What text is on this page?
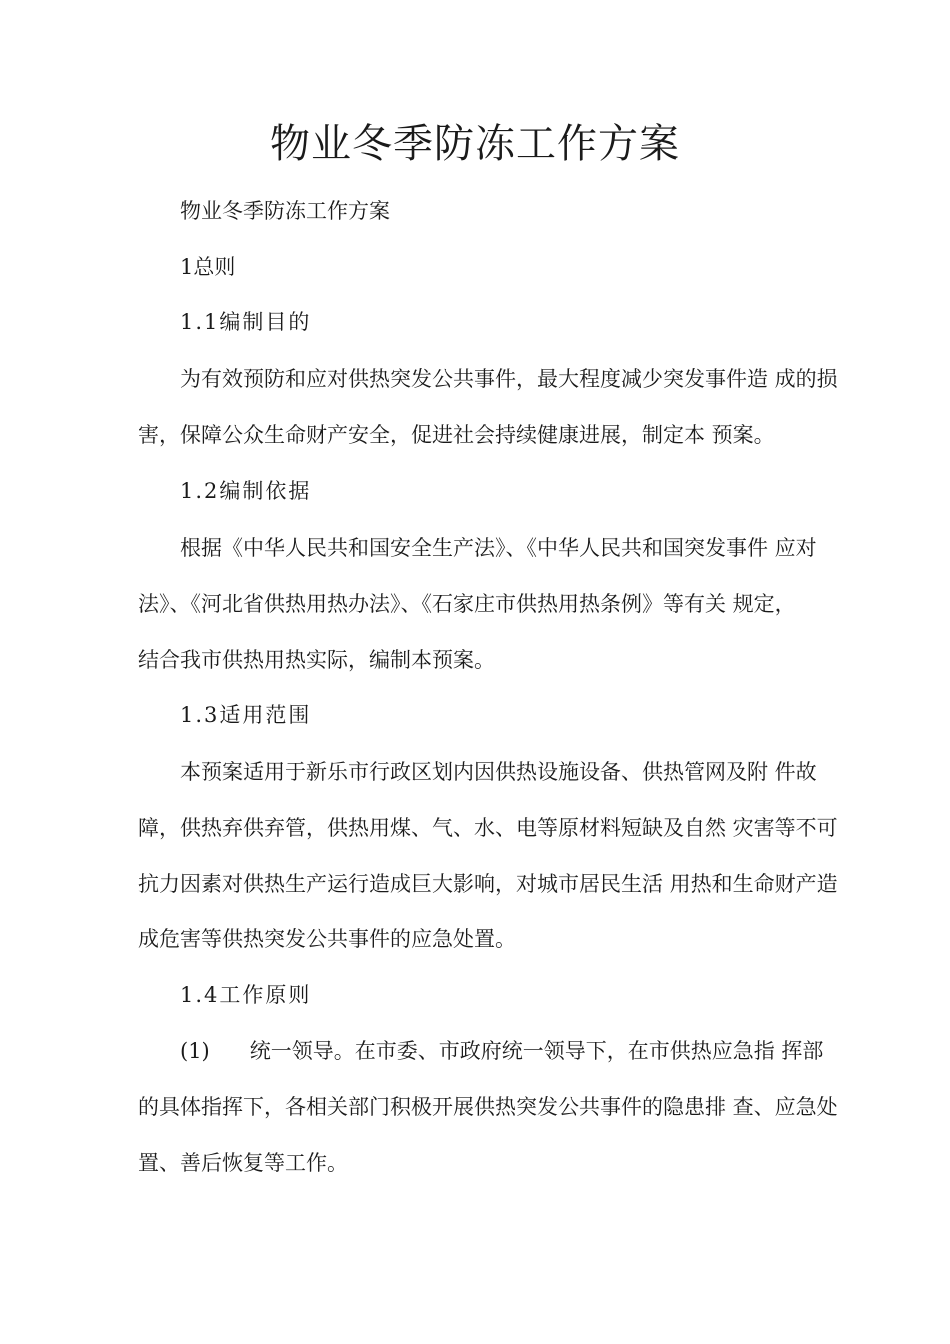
物业冬季防冻工作方案

物业冬季防冻工作方案

1总则

1.1编制目的

为有效预防和应对供热突发公共事件，最大程度减少突发事件造 成的损

害，保障公众生命财产安全，促进社会持续健康进展，制定本 预案。

1.2编制依据

根据《中华人民共和国安全生产法》、《中华人民共和国突发事件 应对

法》、《河北省供热用热办法》、《石家庄市供热用热条例》等有关 规定，

结合我市供热用热实际，编制本预案。

1.3适用范围

本预案适用于新乐市行政区划内因供热设施设备、供热管网及附 件故

障，供热弃供弃管，供热用煤、气、水、电等原材料短缺及自然 灾害等不可

抗力因素对供热生产运行造成巨大影响，对城市居民生活 用热和生命财产造

成危害等供热突发公共事件的应急处置。

1.4工作原则

(1) 统一领导。在市委、市政府统一领导下，在市供热应急指 挥部

的具体指挥下，各相关部门积极开展供热突发公共事件的隐患排 查、应急处

置、善后恢复等工作。
